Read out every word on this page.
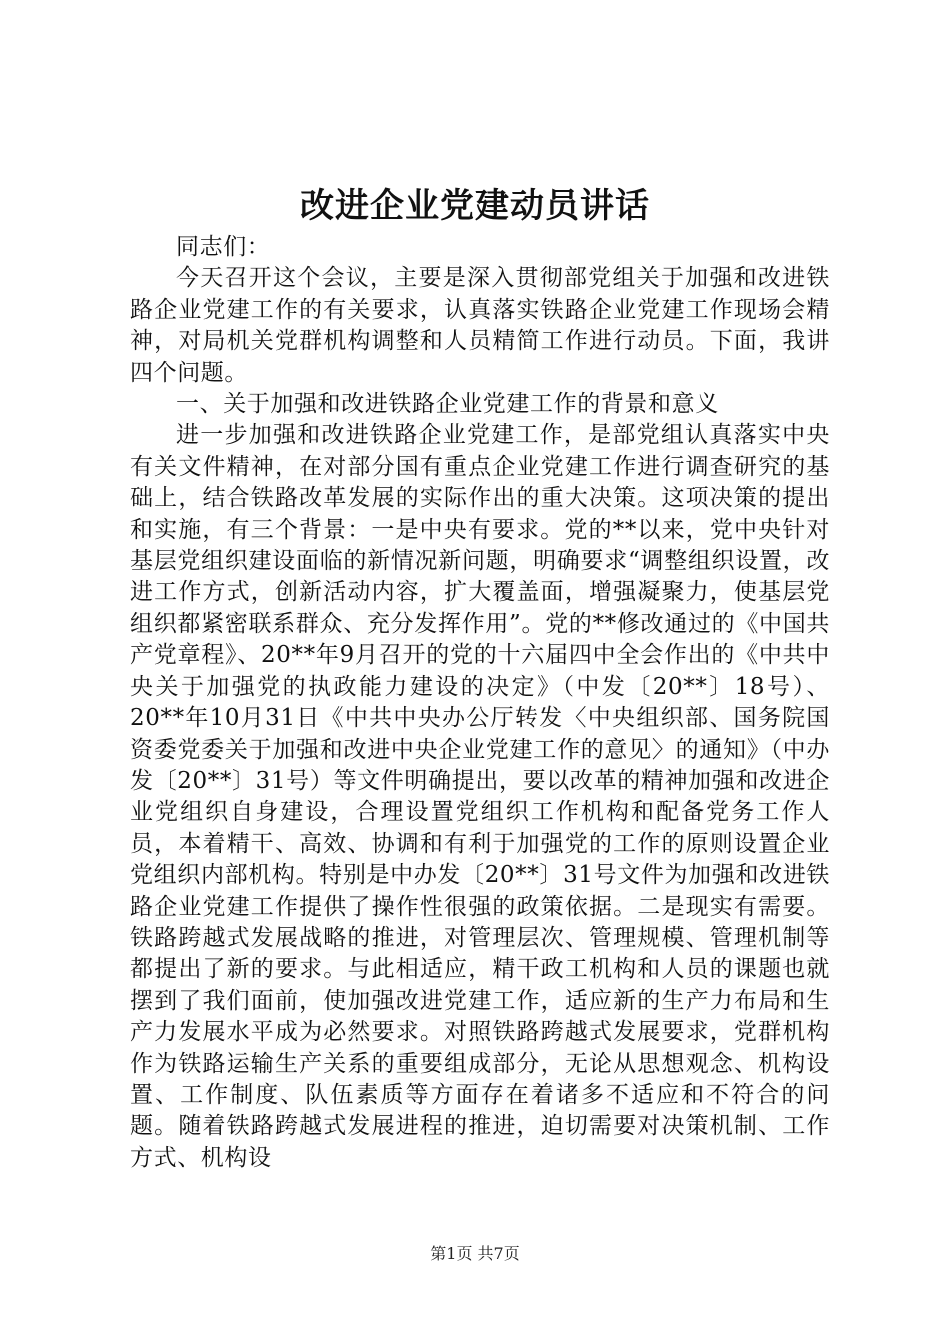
改进企业党建动员讲话

同志们：

今天召开这个会议，主要是深入贯彻部党组关于加强和改进铁路企业党建工作的有关要求，认真落实铁路企业党建工作现场会精神，对局机关党群机构调整和人员精简工作进行动员。下面，我讲四个问题。

一、关于加强和改进铁路企业党建工作的背景和意义

进一步加强和改进铁路企业党建工作，是部党组认真落实中央有关文件精神，在对部分国有重点企业党建工作进行调查研究的基础上，结合铁路改革发展的实际作出的重大决策。这项决策的提出和实施，有三个背景：一是中央有要求。党的**以来，党中央针对基层党组织建设面临的新情况新问题，明确要求“调整组织设置，改进工作方式，创新活动内容，扩大覆盖面，增强凝聚力，使基层党组织都紧密联系群众、充分发挥作用”。党的**修改通过的《中国共产党章程》、20**年9月召开的党的十六届四中全会作出的《中共中央关于加强党的执政能力建设的决定》（中发〔20**〕18号）、20**年10月31日《中共中央办公厅转发〈中央组织部、国务院国资委党委关于加强和改进中央企业党建工作的意见〉的通知》（中办发〔20**〕31号）等文件明确提出，要以改革的精神加强和改进企业党组织自身建设，合理设置党组织工作机构和配备党务工作人员，本着精干、高效、协调和有利于加强党的工作的原则设置企业党组织内部机构。特别是中办发〔20**〕31号文件为加强和改进铁路企业党建工作提供了操作性很强的政策依据。二是现实有需要。铁路跨越式发展战略的推进，对管理层次、管理规模、管理机制等都提出了新的要求。与此相适应，精干政工机构和人员的课题也就摆到了我们面前，使加强改进党建工作，适应新的生产力布局和生产力发展水平成为必然要求。对照铁路跨越式发展要求，党群机构作为铁路运输生产关系的重要组成部分，无论从思想观念、机构设置、工作制度、队伍素质等方面存在着诸多不适应和不符合的问题。随着铁路跨越式发展进程的推进，迫切需要对决策机制、工作方式、机构设

第1页 共7页
